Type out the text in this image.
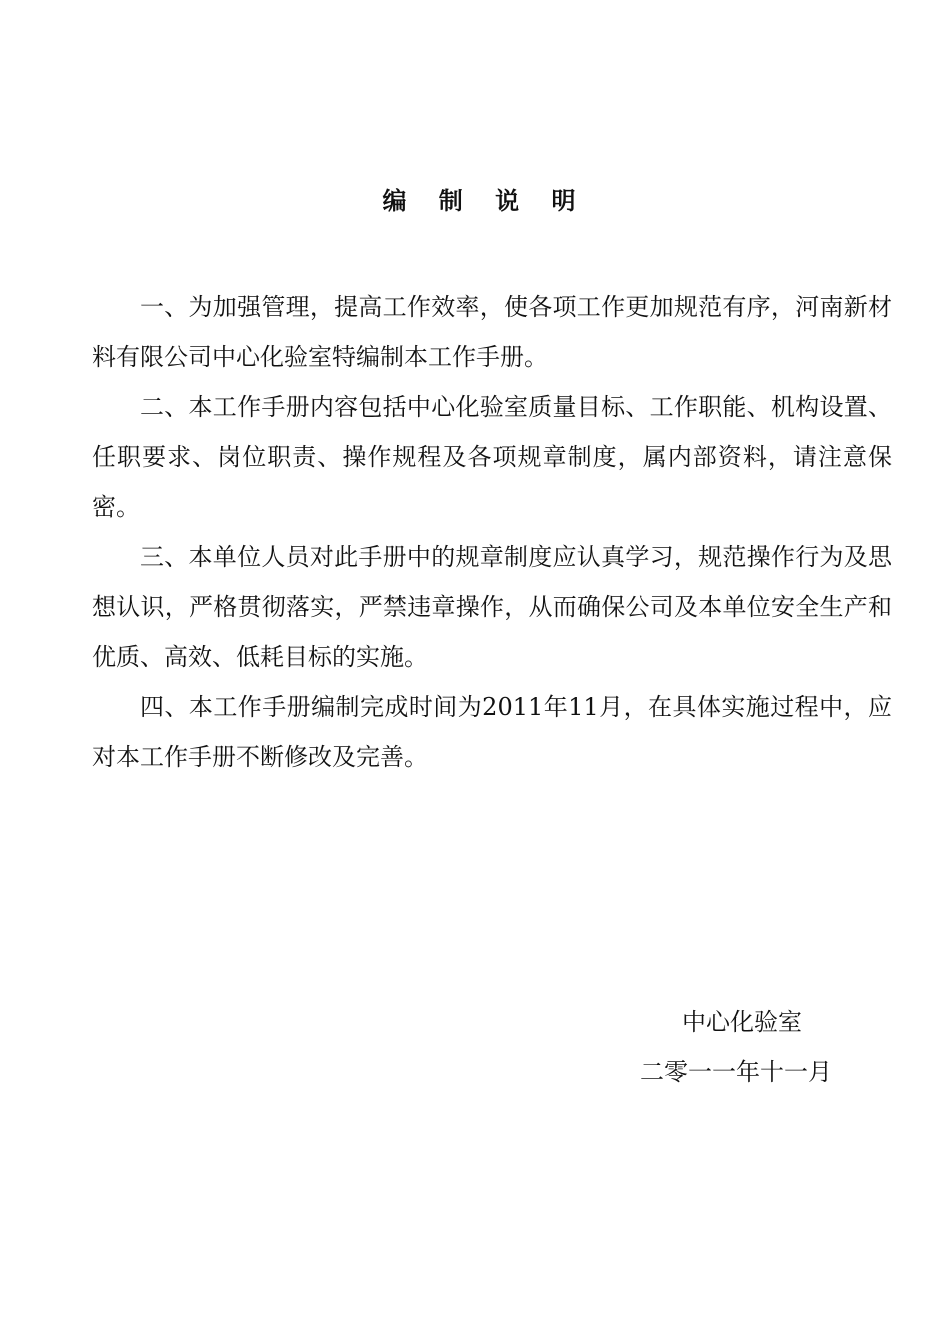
编 制 说 明

一、为加强管理，提高工作效率，使各项工作更加规范有序，河南新材料有限公司中心化验室特编制本工作手册。

二、本工作手册内容包括中心化验室质量目标、工作职能、机构设置、任职要求、岗位职责、操作规程及各项规章制度，属内部资料，请注意保密。

三、本单位人员对此手册中的规章制度应认真学习，规范操作行为及思想认识，严格贯彻落实，严禁违章操作，从而确保公司及本单位安全生产和优质、高效、低耗目标的实施。

四、本工作手册编制完成时间为2011年11月，在具体实施过程中，应对本工作手册不断修改及完善。

中心化验室
二零一一年十一月
